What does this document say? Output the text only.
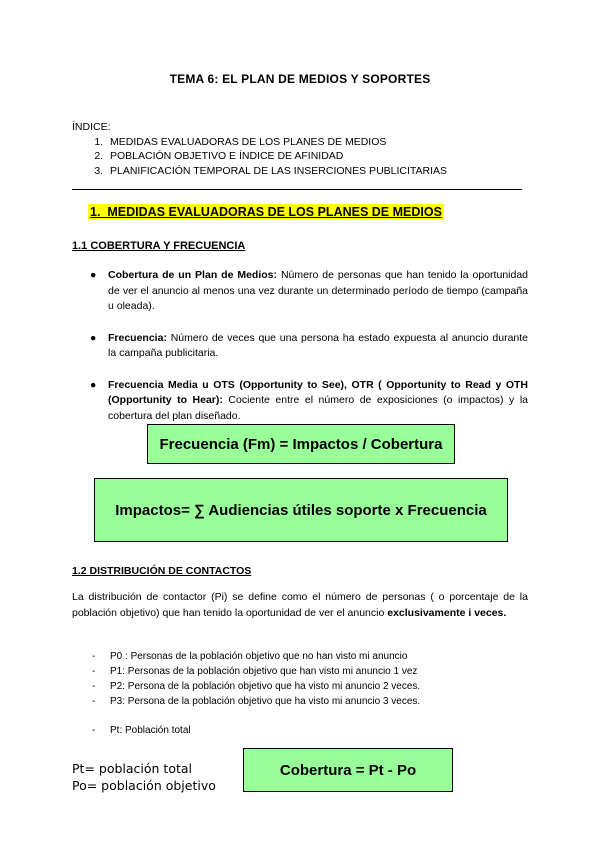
TEMA 6: EL PLAN DE MEDIOS Y SOPORTES
ÍNDICE:
1. MEDIDAS EVALUADORAS DE LOS PLANES DE MEDIOS
2. POBLACIÓN OBJETIVO E ÍNDICE DE AFINIDAD
3. PLANIFICACIÓN TEMPORAL DE LAS INSERCIONES PUBLICITARIAS
1. MEDIDAS EVALUADORAS DE LOS PLANES DE MEDIOS
1.1 COBERTURA Y FRECUENCIA
● Cobertura de un Plan de Medios: Número de personas que han tenido la oportunidad de ver el anuncio al menos una vez durante un determinado período de tiempo (campaña u oleada).
● Frecuencia: Número de veces que una persona ha estado expuesta al anuncio durante la campaña publicitaria.
● Frecuencia Media u OTS (Opportunity to See), OTR ( Opportunity to Read y OTH (Opportunity to Hear): Cociente entre el número de exposiciones (o impactos) y la cobertura del plan diseñado.
Frecuencia (Fm) = Impactos / Cobertura
Impactos= ∑ Audiencias útiles soporte x Frecuencia
1.2 DISTRIBUCIÓN DE CONTACTOS
La distribución de contactor (Pi) se define como el número de personas ( o porcentaje de la población objetivo) que han tenido la oportunidad de ver el anuncio exclusivamente i veces.
- P0 : Personas de la población objetivo que no han visto mi anuncio
- P1: Personas de la población objetivo que han visto mi anuncio 1 vez
- P2: Persona de la población objetivo que ha visto mi anuncio 2 veces.
- P3: Persona de la población objetivo que ha visto mi anuncio 3 veces.
- Pt: Población total
Pt= población total
Po= población objetivo
Cobertura = Pt - Po
